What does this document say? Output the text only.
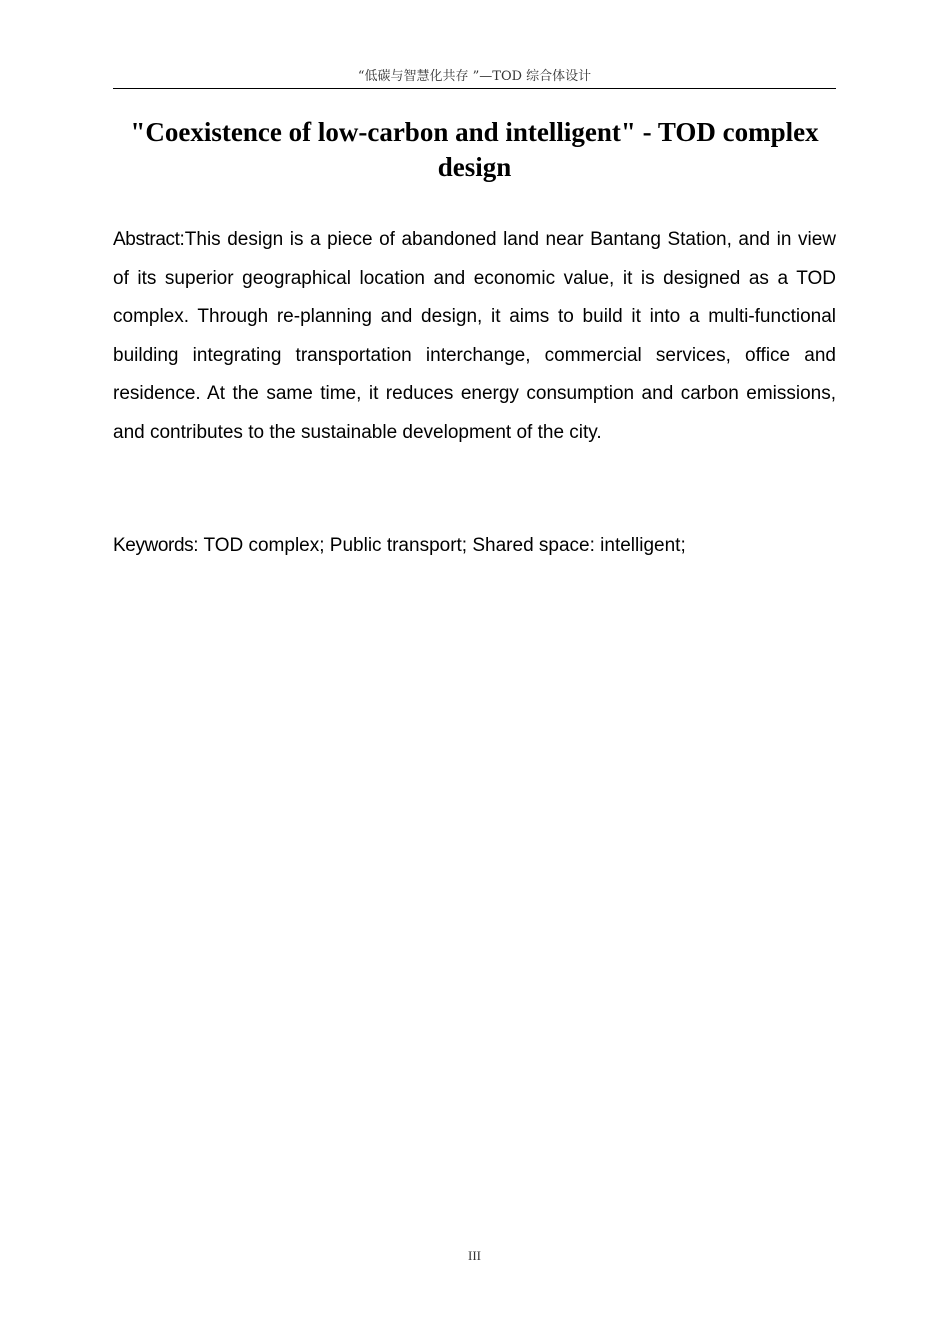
“低碳与智慧化共存 ”—TOD 综合体设计
"Coexistence of low-carbon and intelligent" - TOD complex design

Abstract:This design is a piece of abandoned land near Bantang Station, and in view of its superior geographical location and economic value, it is designed as a TOD complex. Through re-planning and design, it aims to build it into a multi-functional building integrating transportation interchange, commercial services, office and residence. At the same time, it reduces energy consumption and carbon emissions, and contributes to the sustainable development of the city.

Keywords: TOD complex; Public transport; Shared space: intelligent;

III
